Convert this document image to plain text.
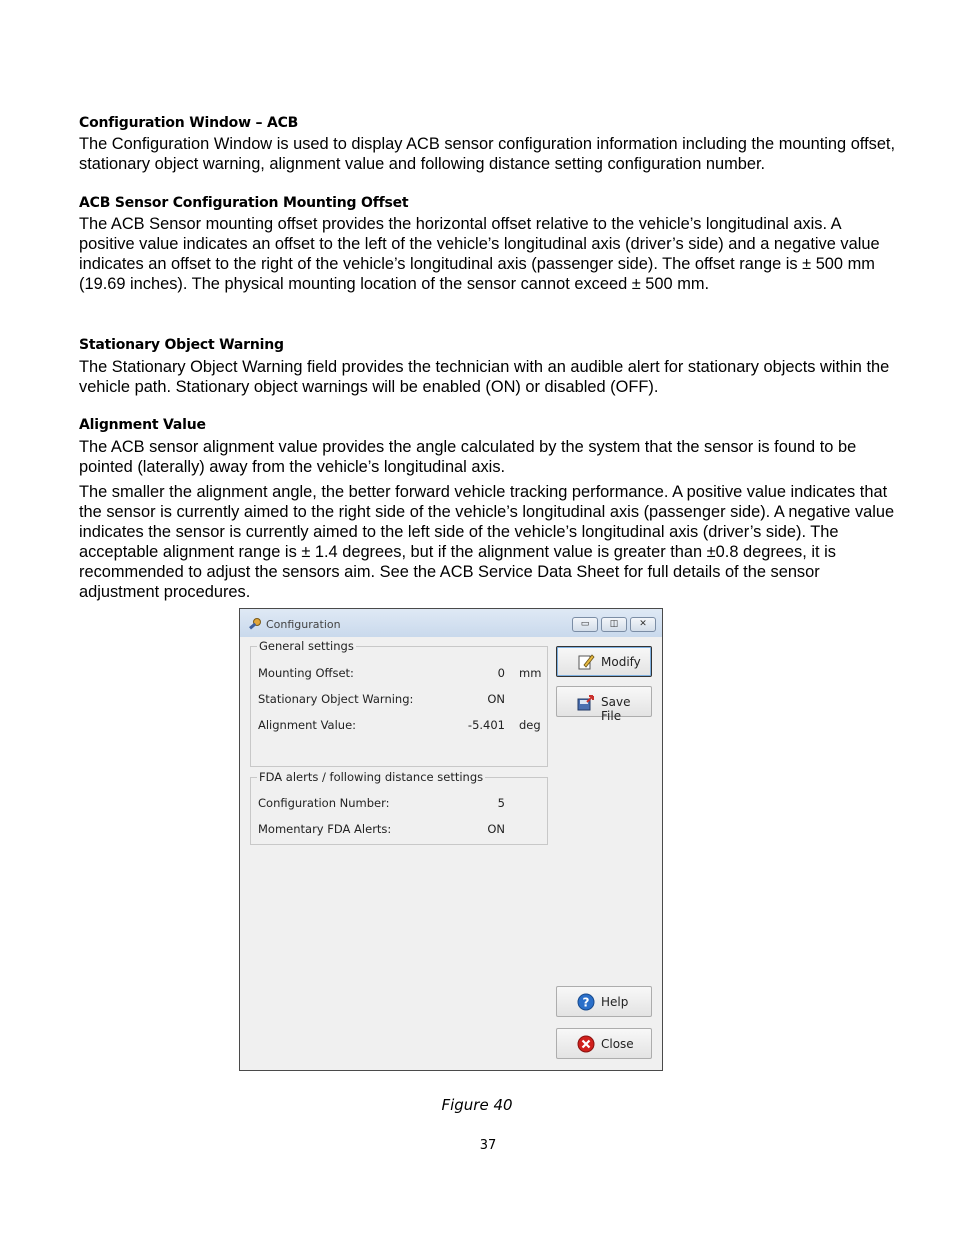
Configuration Window – ACB

The Configuration Window is used to display ACB sensor configuration information including the mounting offset, stationary object warning, alignment value and following distance setting configuration number.

ACB Sensor Configuration Mounting Offset

The ACB Sensor mounting offset provides the horizontal offset relative to the vehicle’s longitudinal axis. A positive value indicates an offset to the left of the vehicle’s longitudinal axis (driver’s side) and a negative value indicates an offset to the right of the vehicle’s longitudinal axis (passenger side). The offset range is ± 500 mm (19.69 inches). The physical mounting location of the sensor cannot exceed ± 500 mm.

Stationary Object Warning

The Stationary Object Warning field provides the technician with an audible alert for stationary objects within the vehicle path. Stationary object warnings will be enabled (ON) or disabled (OFF).

Alignment Value

The ACB sensor alignment value provides the angle calculated by the system that the sensor is found to be pointed (laterally) away from the vehicle’s longitudinal axis.

The smaller the alignment angle, the better forward vehicle tracking performance. A positive value indicates that the sensor is currently aimed to the right side of the vehicle’s longitudinal axis (passenger side). A negative value indicates the sensor is currently aimed to the left side of the vehicle’s longitudinal axis (driver’s side). The acceptable alignment range is ± 1.4 degrees, but if the alignment value is greater than ±0.8 degrees, it is recommended to adjust the sensors aim. See the ACB Service Data Sheet for full details of the sensor adjustment procedures.

Configuration	▭	◫	✕
General settings
Mounting Offset:	0 mm
Stationary Object Warning:	ON
Alignment Value:	-5.401 deg
FDA alerts / following distance settings
Configuration Number:	5
Momentary FDA Alerts:	ON
Modify
Save File
? Help
Close
Figure 40
37
